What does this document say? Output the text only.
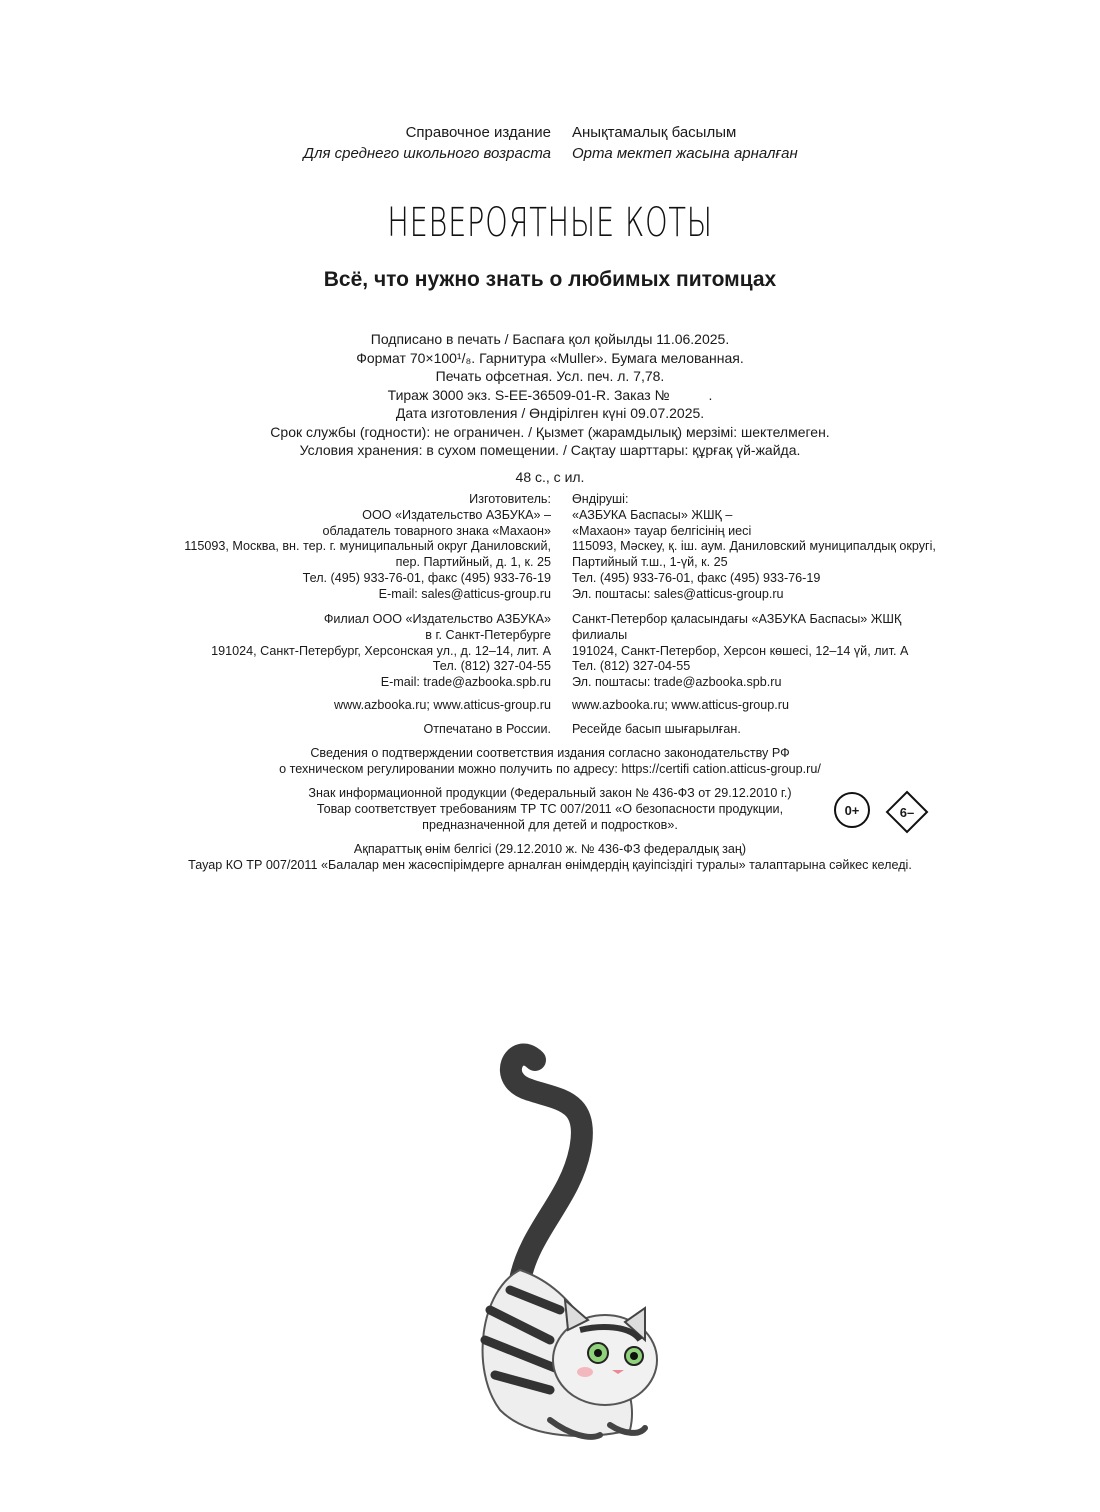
Справочное издание
Для среднего школьного возраста
Анықтамалық басылым
Орта мектеп жасына арналған
НЕВЕРОЯТНЫЕ КОТЫ
Всё, что нужно знать о любимых питомцах
Подписано в печать / Баспаға қол қойылды 11.06.2025.
Формат 70×100¹/₈. Гарнитура «Muller». Бумага мелованная.
Печать офсетная. Усл. печ. л. 7,78.
Тираж 3000 экз. S-EE-36509-01-R. Заказ №          .
Дата изготовления / Өндірілген күні 09.07.2025.
Срок службы (годности): не ограничен. / Қызмет (жарамдылық) мерзімі: шектелмеген.
Условия хранения: в сухом помещении. / Сақтау шарттары: құрғақ үй-жайда.
48 с., с ил.
Изготовитель:
ООО «Издательство АЗБУКА» –
обладатель товарного знака «Махаон»
115093, Москва, вн. тер. г. муниципальный округ Даниловский,
пер. Партийный, д. 1, к. 25
Тел. (495) 933-76-01, факс (495) 933-76-19
E-mail: sales@atticus-group.ru
Өндіруші:
«АЗБУКА Баспасы» ЖШҚ –
«Махаон» тауар белгісінің иесі
115093, Мәскеу, қ. іш. аум. Даниловский муниципалдық округі,
Партийный т.ш., 1-үй, к. 25
Тел. (495) 933-76-01, факс (495) 933-76-19
Эл. поштасы: sales@atticus-group.ru
Филиал ООО «Издательство АЗБУКА»
в г. Санкт-Петербурге
191024, Санкт-Петербург, Херсонская ул., д. 12–14, лит. А
Тел. (812) 327-04-55
E-mail: trade@azbooka.spb.ru
Санкт-Петербор қаласындағы «АЗБУКА Баспасы» ЖШҚ
филиалы
191024, Санкт-Петербор, Херсон көшесі, 12–14 үй, лит. А
Тел. (812) 327-04-55
Эл. поштасы: trade@azbooka.spb.ru
www.azbooka.ru; www.atticus-group.ru www.azbooka.ru; www.atticus-group.ru
Отпечатано в России. Ресейде басып шығарылған.
Сведения о подтверждении соответствия издания согласно законодательству РФ
о техническом регулировании можно получить по адресу: https://certifi cation.atticus-group.ru/
Знак информационной продукции (Федеральный закон № 436-ФЗ от 29.12.2010 г.)
Товар соответствует требованиям ТР ТС 007/2011 «О безопасности продукции,
предназначенной для детей и подростков».
0+	6–
Ақпараттық өнім белгісі (29.12.2010 ж. № 436-ФЗ федералдық заң)
Тауар КО ТР 007/2011 «Балалар мен жасөспірімдерге арналған өнімдердің қауіпсіздігі туралы» талаптарына сәйкес келеді.
